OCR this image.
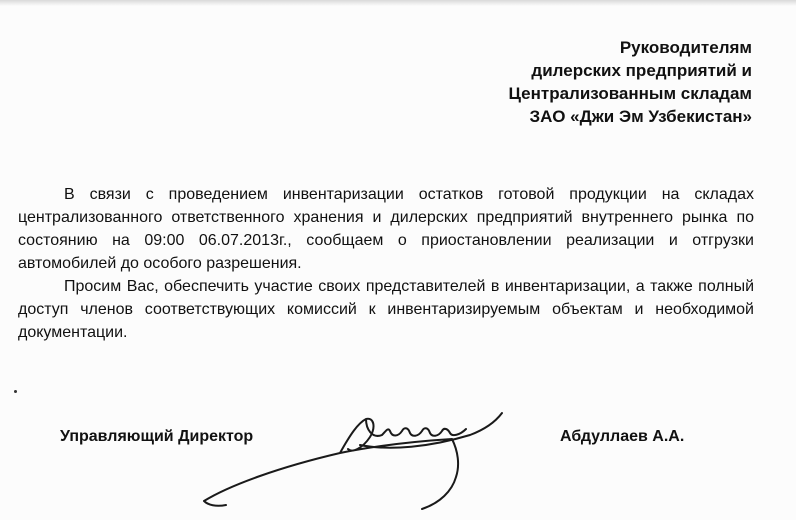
Руководителям
дилерских предприятий и
Централизованным складам
ЗАО «Джи Эм Узбекистан»

В связи с проведением инвентаризации остатков готовой продукции на складах централизованного ответственного хранения и дилерских предприятий внутреннего рынка по состоянию на 09:00 06.07.2013г., сообщаем о приостановлении реализации и отгрузки автомобилей до особого разрешения.

Просим Вас, обеспечить участие своих представителей в инвентаризации, а также полный доступ членов соответствующих комиссий к инвентаризируемым объектам и необходимой документации.

Управляющий Директор	Абдуллаев А.А.
